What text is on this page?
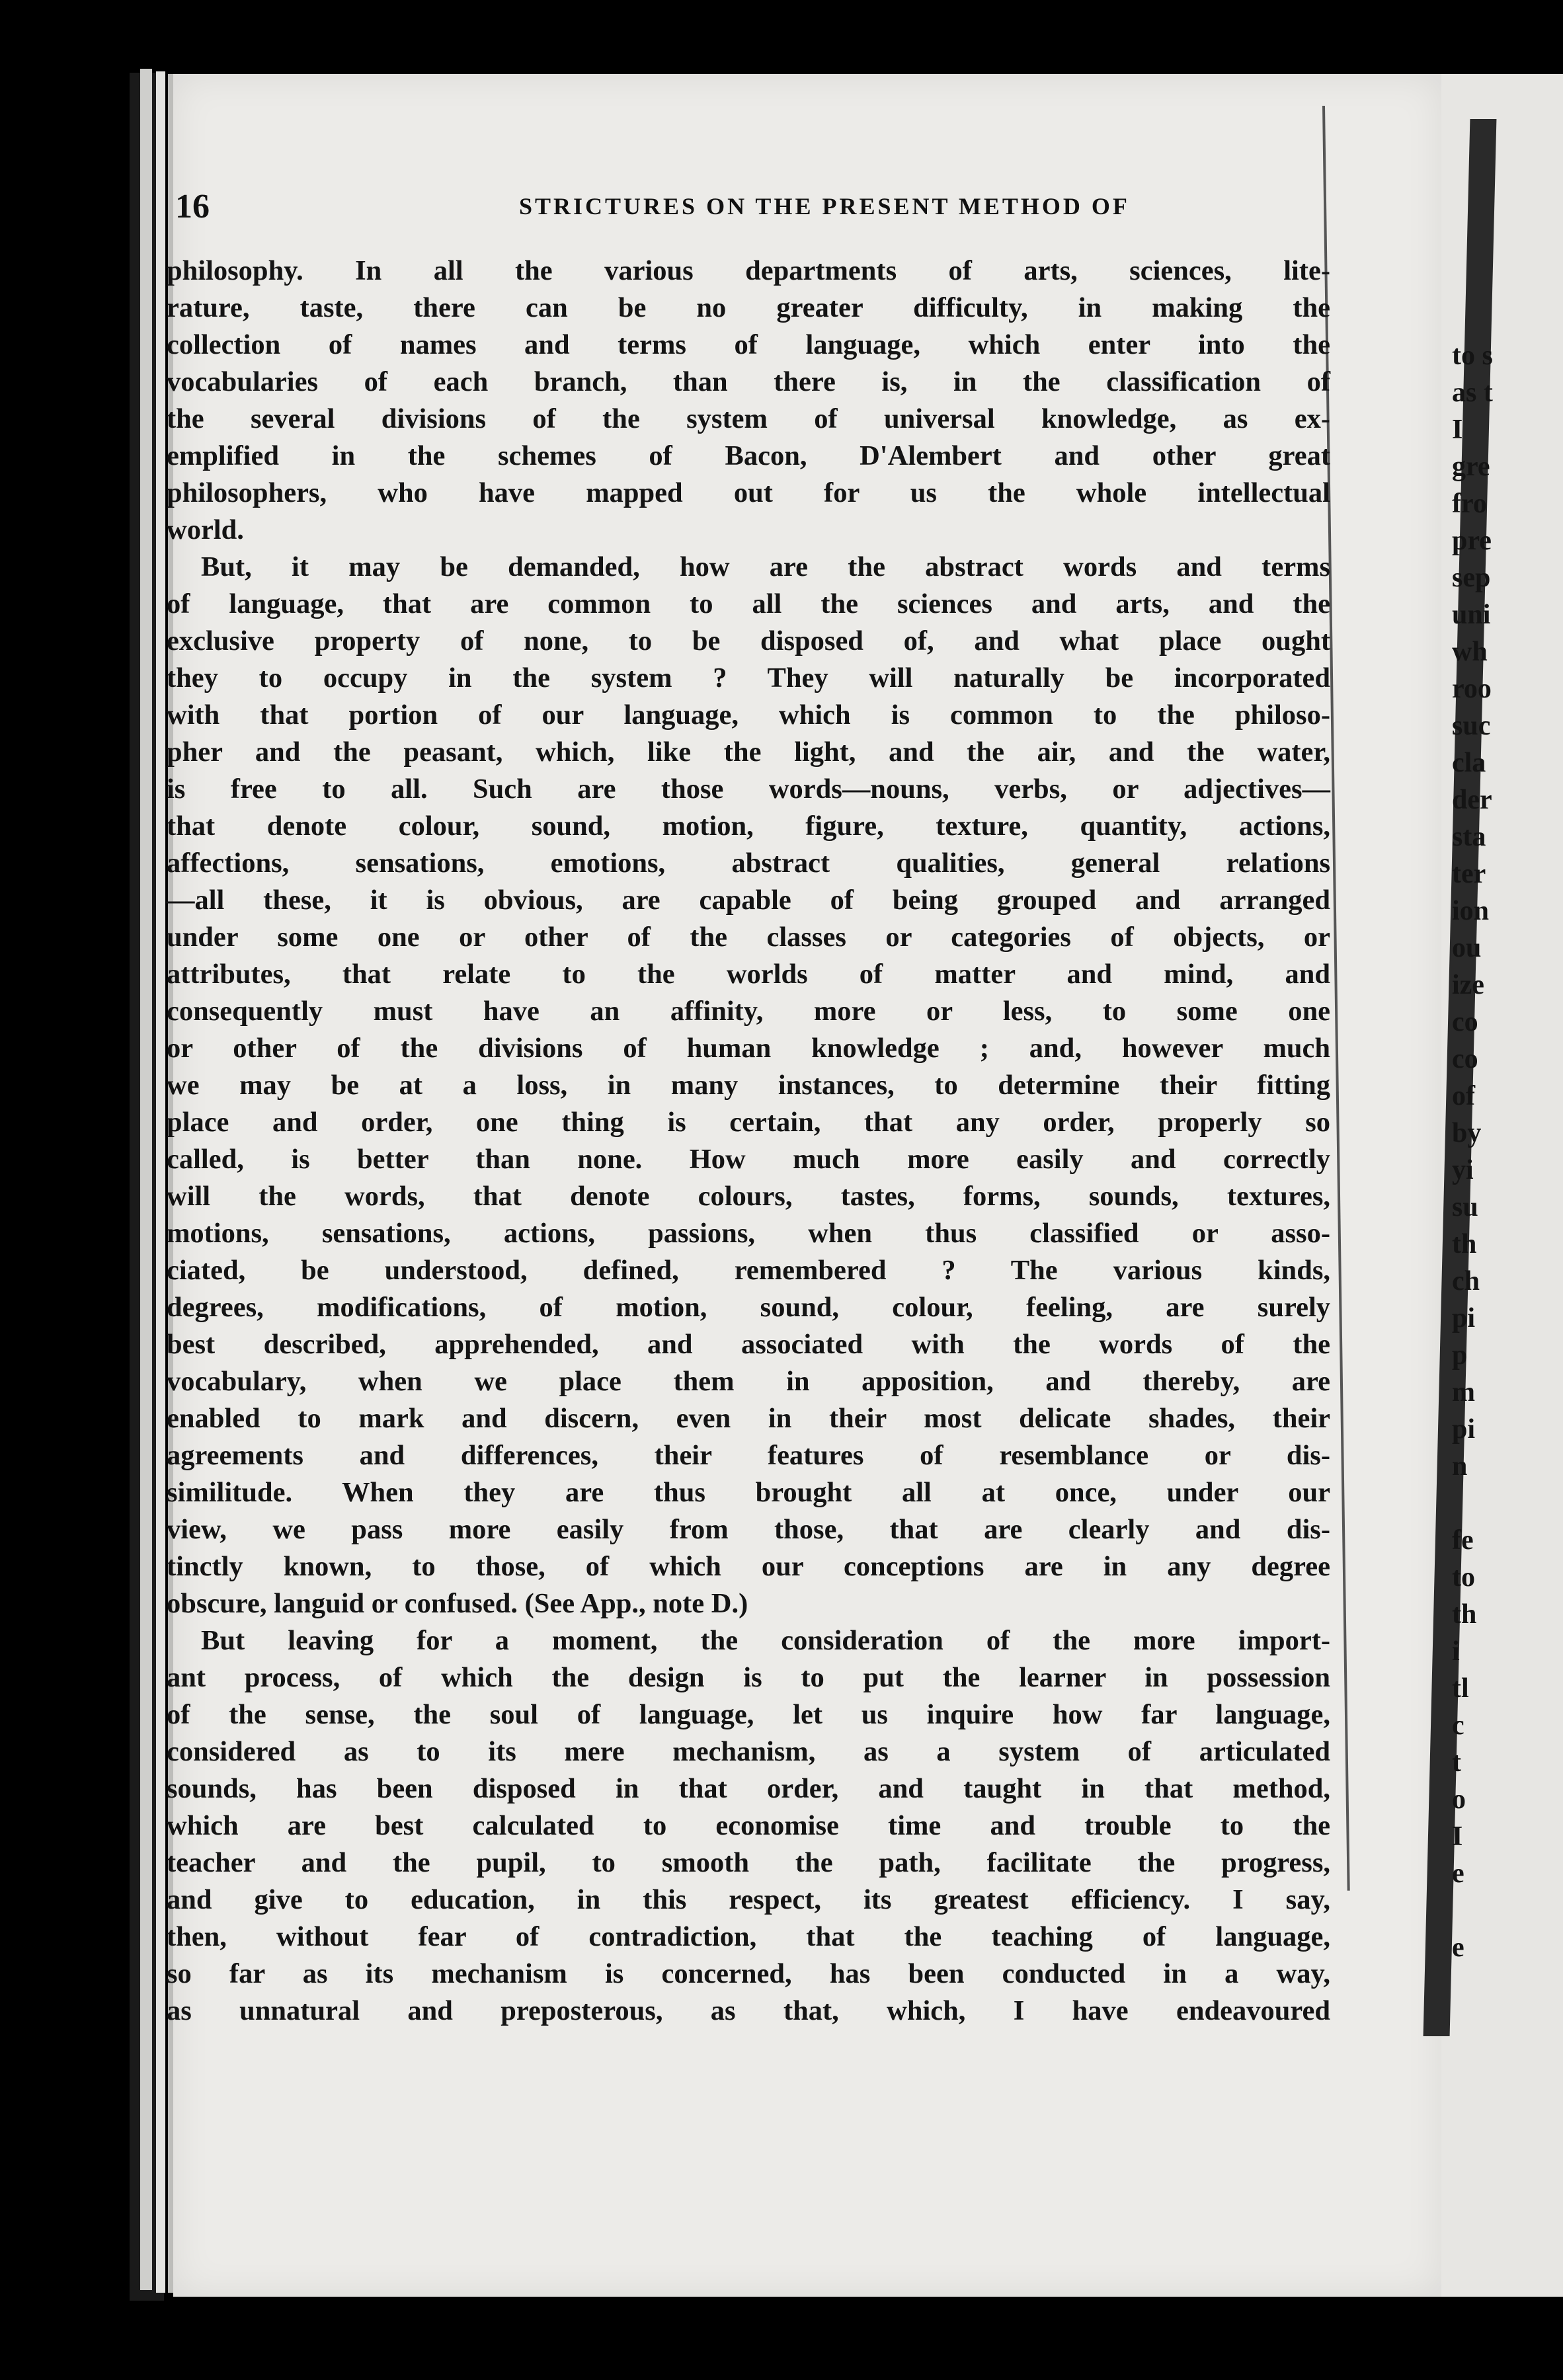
16	STRICTURES ON THE PRESENT METHOD OF
philosophy. In all the various departments of arts, sciences, lite-
rature, taste, there can be no greater difficulty, in making the
collection of names and terms of language, which enter into the
vocabularies of each branch, than there is, in the classification of
the several divisions of the system of universal knowledge, as ex-
emplified in the schemes of Bacon, D'Alembert and other great
philosophers, who have mapped out for us the whole intellectual
world.
But, it may be demanded, how are the abstract words and terms
of language, that are common to all the sciences and arts, and the
exclusive property of none, to be disposed of, and what place ought
they to occupy in the system ? They will naturally be incorporated
with that portion of our language, which is common to the philoso-
pher and the peasant, which, like the light, and the air, and the water,
is free to all. Such are those words—nouns, verbs, or adjectives—
that denote colour, sound, motion, figure, texture, quantity, actions,
affections, sensations, emotions, abstract qualities, general relations
—all these, it is obvious, are capable of being grouped and arranged
under some one or other of the classes or categories of objects, or
attributes, that relate to the worlds of matter and mind, and
consequently must have an affinity, more or less, to some one
or other of the divisions of human knowledge ; and, however much
we may be at a loss, in many instances, to determine their fitting
place and order, one thing is certain, that any order, properly so
called, is better than none. How much more easily and correctly
will the words, that denote colours, tastes, forms, sounds, textures,
motions, sensations, actions, passions, when thus classified or asso-
ciated, be understood, defined, remembered ? The various kinds,
degrees, modifications, of motion, sound, colour, feeling, are surely
best described, apprehended, and associated with the words of the
vocabulary, when we place them in apposition, and thereby, are
enabled to mark and discern, even in their most delicate shades, their
agreements and differences, their features of resemblance or dis-
similitude. When they are thus brought all at once, under our
view, we pass more easily from those, that are clearly and dis-
tinctly known, to those, of which our conceptions are in any degree
obscure, languid or confused. (See App., note D.)
But leaving for a moment, the consideration of the more import-
ant process, of which the design is to put the learner in possession
of the sense, the soul of language, let us inquire how far language,
considered as to its mere mechanism, as a system of articulated
sounds, has been disposed in that order, and taught in that method,
which are best calculated to economise time and trouble to the
teacher and the pupil, to smooth the path, facilitate the progress,
and give to education, in this respect, its greatest efficiency. I say,
then, without fear of contradiction, that the teaching of language,
so far as its mechanism is concerned, has been conducted in a way,
as unnatural and preposterous, as that, which, I have endeavoured
to s
as t
I
gre
fro
pre
sep
uni
wh
roo
suc
cla
der
sta
ter
ion
ou
ize
co
co
of
by
yi
su
th
ch
pi
p
m
pi
n
fe
to
th
i
tl
c
t
o
I
e
e
